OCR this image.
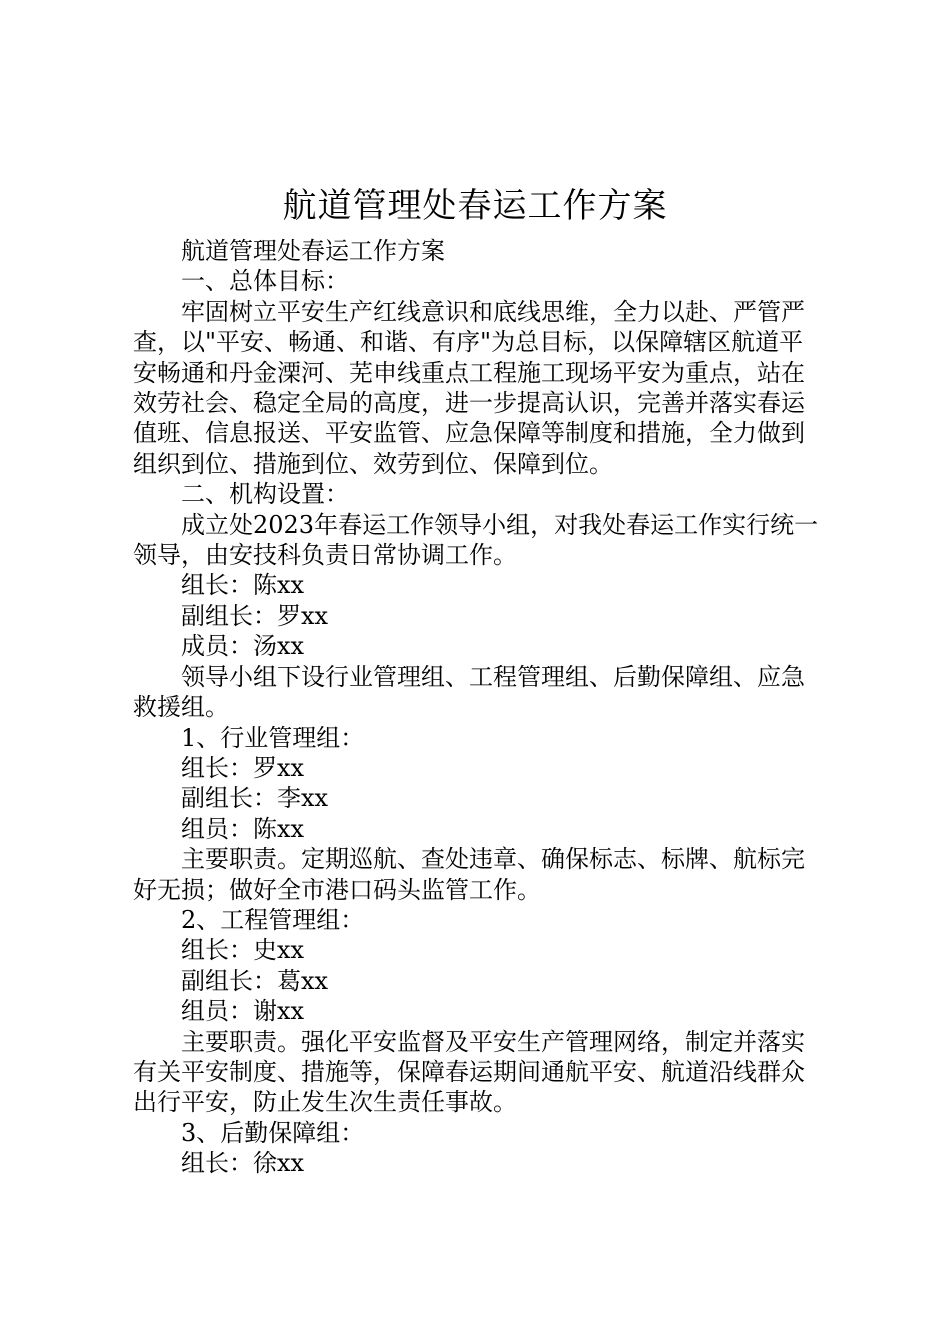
航道管理处春运工作方案

航道管理处春运工作方案

一、总体目标：

牢固树立平安生产红线意识和底线思维，全力以赴、严管严查，以"平安、畅通、和谐、有序"为总目标，以保障辖区航道平安畅通和丹金溧河、芜申线重点工程施工现场平安为重点，站在效劳社会、稳定全局的高度，进一步提高认识，完善并落实春运值班、信息报送、平安监管、应急保障等制度和措施，全力做到组织到位、措施到位、效劳到位、保障到位。

二、机构设置：

成立处2023年春运工作领导小组，对我处春运工作实行统一领导，由安技科负责日常协调工作。

组长：陈xx

副组长：罗xx

成员：汤xx

领导小组下设行业管理组、工程管理组、后勤保障组、应急救援组。

1、行业管理组：

组长：罗xx

副组长：李xx

组员：陈xx

主要职责。定期巡航、查处违章、确保标志、标牌、航标完好无损；做好全市港口码头监管工作。

2、工程管理组：

组长：史xx

副组长：葛xx

组员：谢xx

主要职责。强化平安监督及平安生产管理网络，制定并落实有关平安制度、措施等，保障春运期间通航平安、航道沿线群众出行平安，防止发生次生责任事故。

3、后勤保障组：

组长：徐xx
